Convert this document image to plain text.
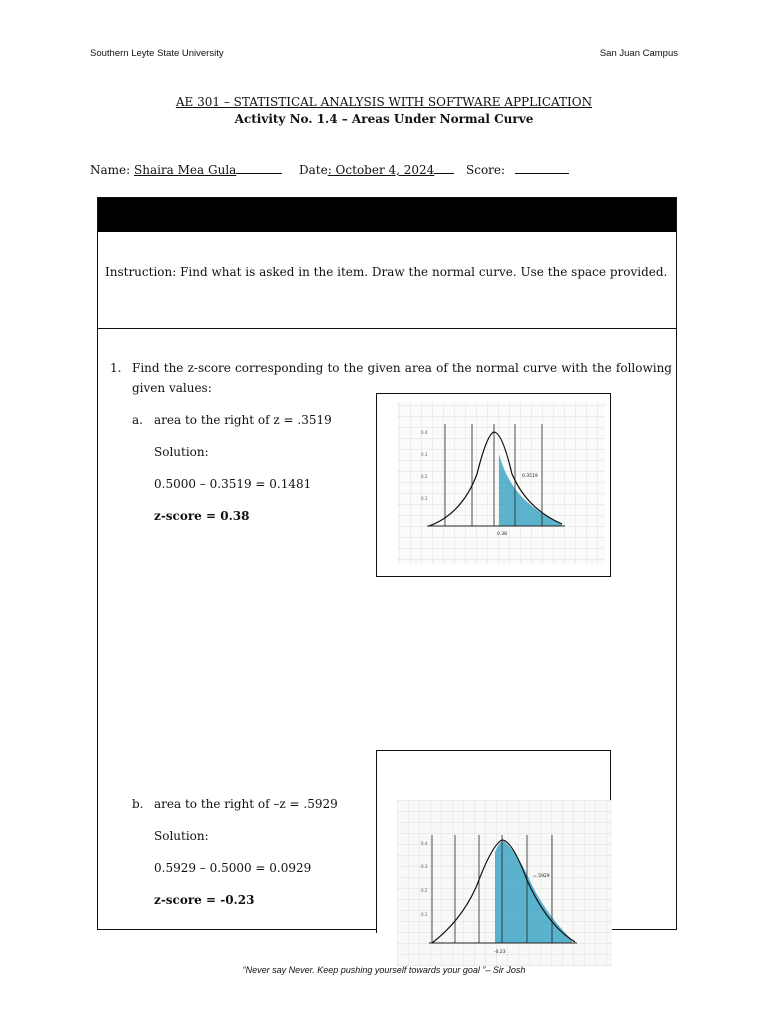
Southern Leyte State University	San Juan Campus
AE 301 – STATISTICAL ANALYSIS WITH SOFTWARE APPLICATION
Activity No. 1.4 – Areas Under Normal Curve
Name: Shaira Mea Gula	Date: October 4, 2024	Score:
Instruction: Find what is asked in the item. Draw the normal curve. Use the space provided.
1. Find the z-score corresponding to the given area of the normal curve with the following given values:
a. area to the right of z = .3519
Solution:
0.5000 – 0.3519 = 0.1481
z-score = 0.38
b. area to the right of –z = .5929
Solution:
0.5929 – 0.5000 = 0.0929
z-score = -0.23
0.4
0.3
0.2
0.1
0.3519
0.38
0.4
0.3
0.2
0.1
=.5929
-0.23
“Never say Never. Keep pushing yourself towards your goal ”– Sir Josh
